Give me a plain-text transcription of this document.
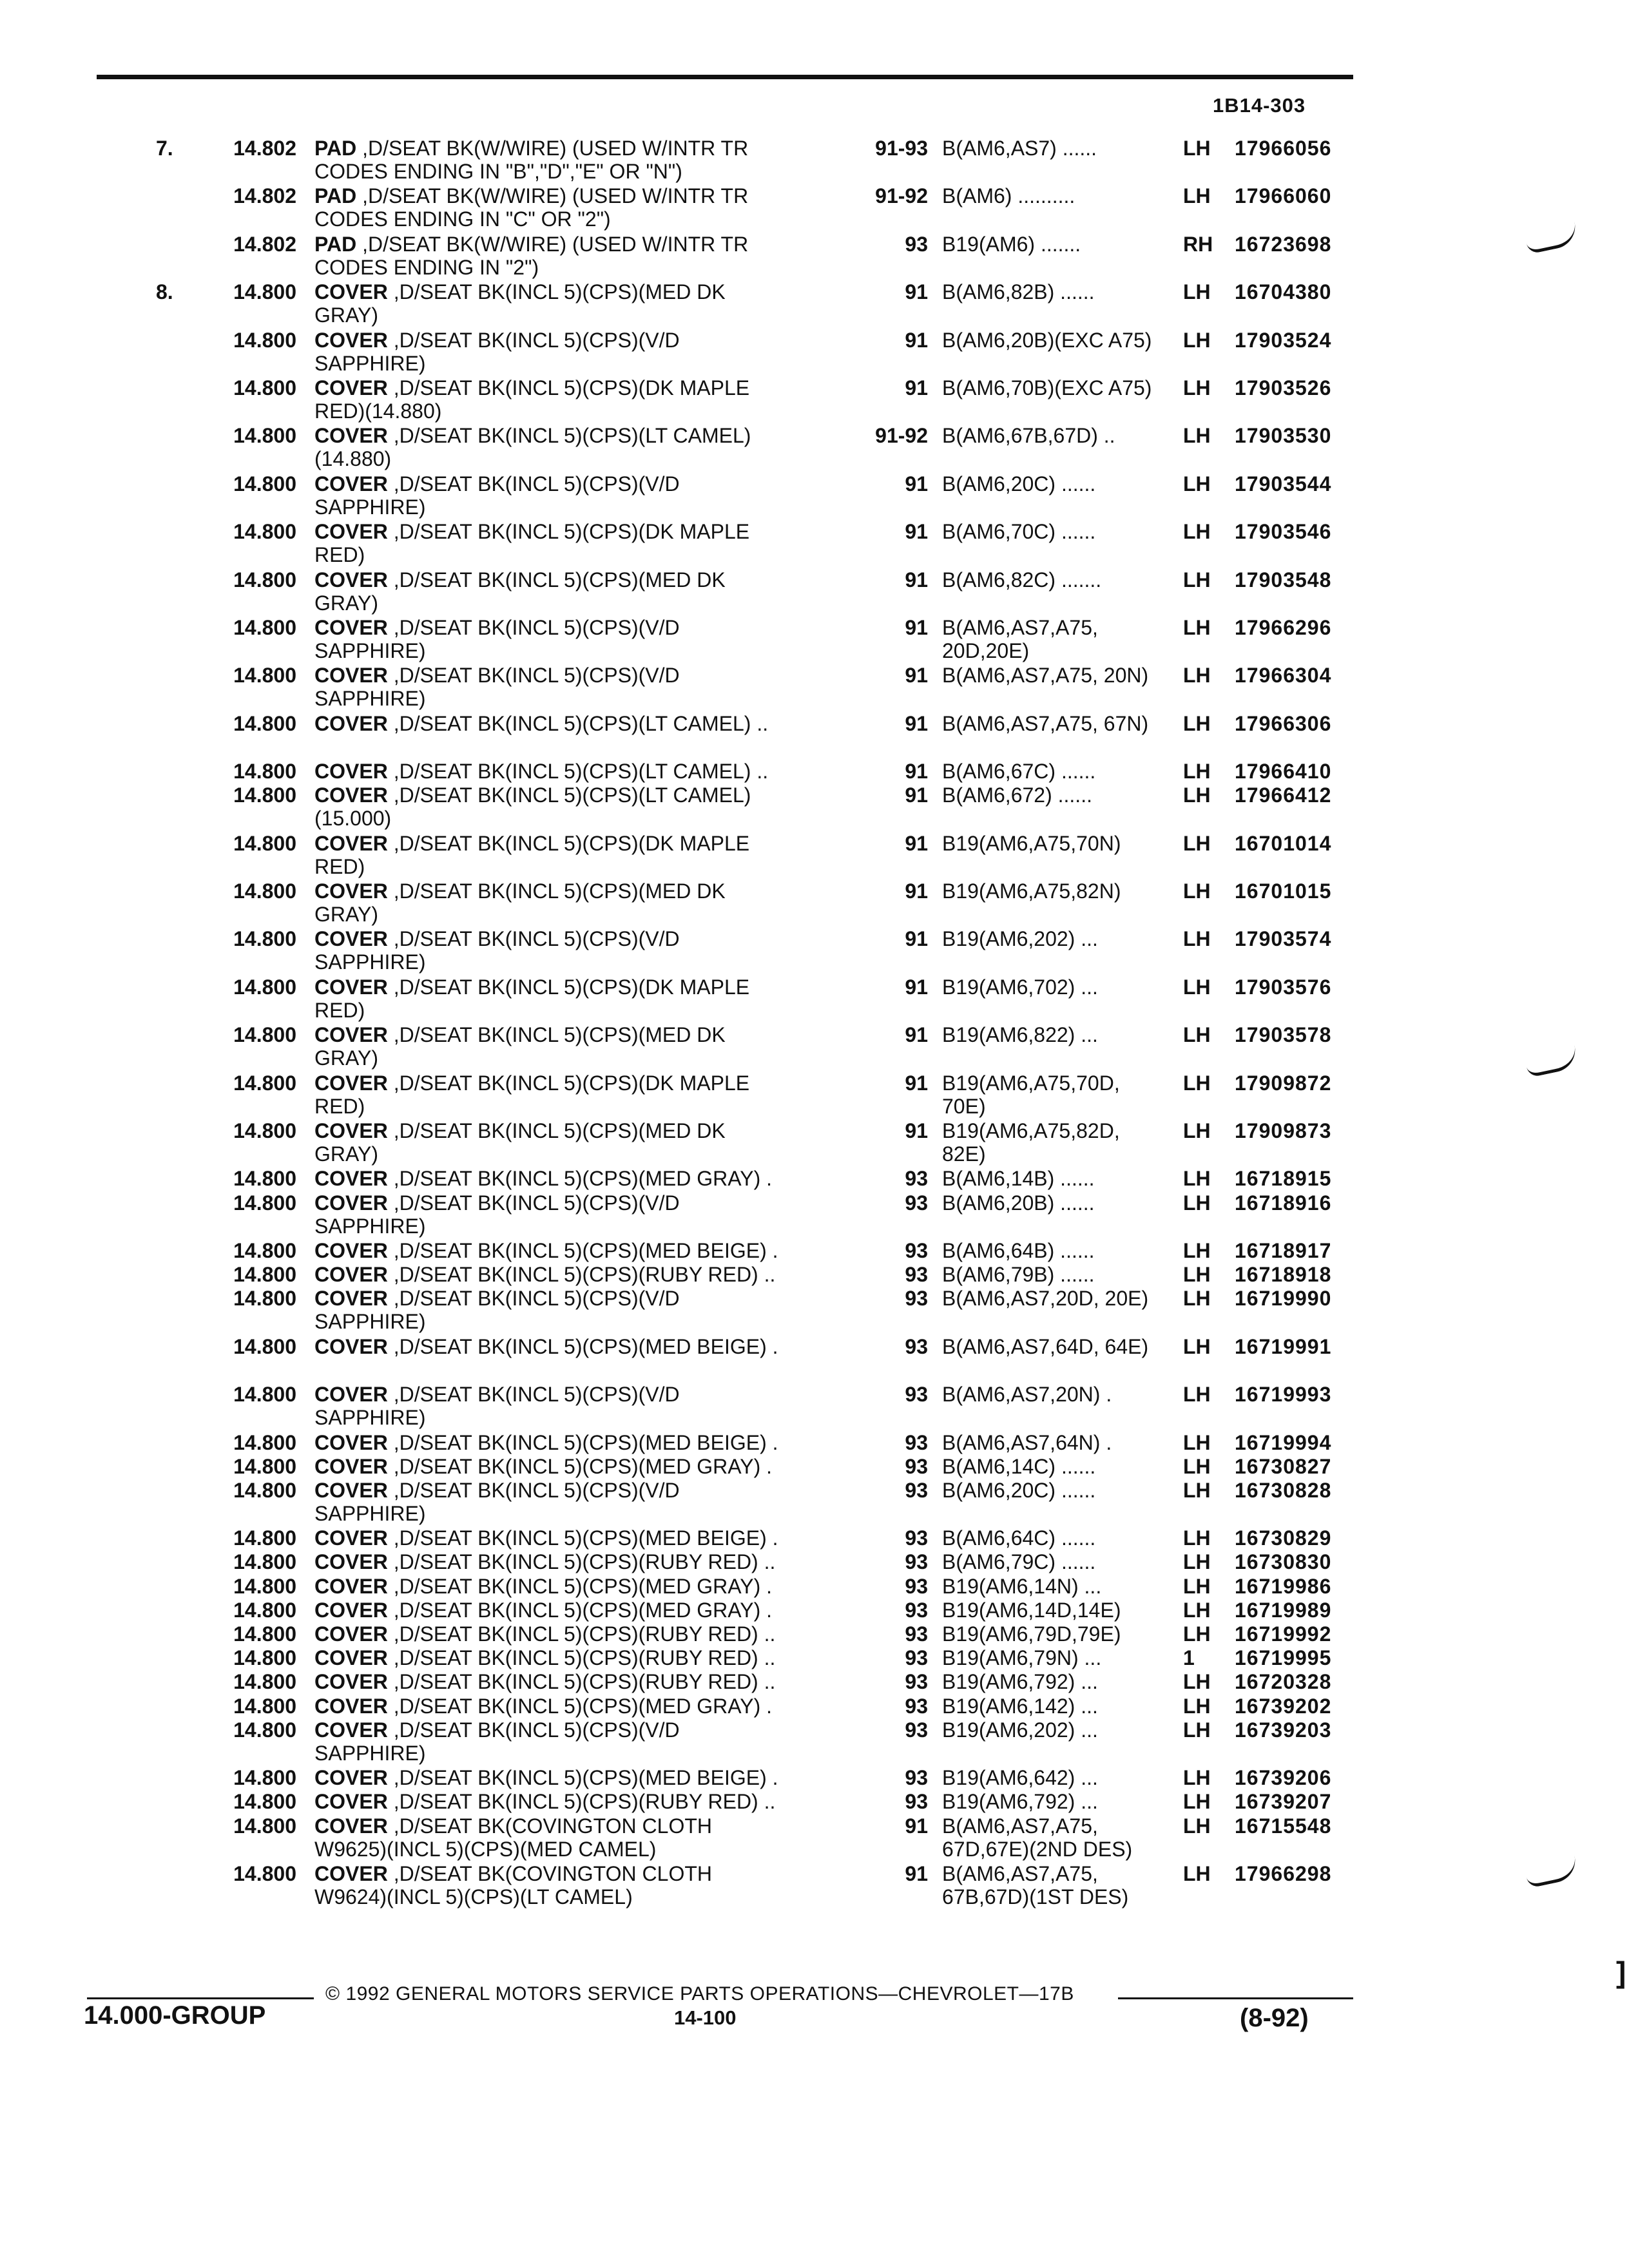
1B14-303
7.	14.802	91-93 B(AM6,AS7) ......	LH 17966056
PAD ,D/SEAT BK(W/WIRE) (USED W/INTR TR
CODES ENDING IN "B","D","E" OR "N")
14.802	91-92 B(AM6) ..........	LH 17966060
PAD ,D/SEAT BK(W/WIRE) (USED W/INTR TR
CODES ENDING IN "C" OR "2")
14.802	93 B19(AM6) .......	RH 16723698
PAD ,D/SEAT BK(W/WIRE) (USED W/INTR TR
CODES ENDING IN "2")
8.	14.800	91 B(AM6,82B) ......	LH 16704380
COVER ,D/SEAT BK(INCL 5)(CPS)(MED DK
GRAY)
14.800	91 B(AM6,20B)(EXC A75)	LH 17903524
COVER ,D/SEAT BK(INCL 5)(CPS)(V/D
SAPPHIRE)
14.800	91 B(AM6,70B)(EXC A75)	LH 17903526
COVER ,D/SEAT BK(INCL 5)(CPS)(DK MAPLE
RED)(14.880)
14.800	91-92 B(AM6,67B,67D) ..	LH 17903530
COVER ,D/SEAT BK(INCL 5)(CPS)(LT CAMEL)
(14.880)
14.800	91 B(AM6,20C) ......	LH 17903544
COVER ,D/SEAT BK(INCL 5)(CPS)(V/D
SAPPHIRE)
14.800	91 B(AM6,70C) ......	LH 17903546
COVER ,D/SEAT BK(INCL 5)(CPS)(DK MAPLE
RED)
14.800	91 B(AM6,82C) .......	LH 17903548
COVER ,D/SEAT BK(INCL 5)(CPS)(MED DK
GRAY)
14.800	91 B(AM6,AS7,A75, 20D,20E)
LH 17966296
COVER ,D/SEAT BK(INCL 5)(CPS)(V/D
SAPPHIRE)
14.800	91 B(AM6,AS7,A75, 20N)	LH 17966304
COVER ,D/SEAT BK(INCL 5)(CPS)(V/D
SAPPHIRE)
14.800	91 B(AM6,AS7,A75, 67N)	LH 17966306
COVER ,D/SEAT BK(INCL 5)(CPS)(LT CAMEL) ..
14.800	91 B(AM6,67C) ......	LH 17966410
COVER ,D/SEAT BK(INCL 5)(CPS)(LT CAMEL) ..
14.800	91 B(AM6,672) ......	LH 17966412
COVER ,D/SEAT BK(INCL 5)(CPS)(LT CAMEL)
(15.000)
14.800	91 B19(AM6,A75,70N)	LH 16701014
COVER ,D/SEAT BK(INCL 5)(CPS)(DK MAPLE
RED)
14.800	91 B19(AM6,A75,82N)	LH 16701015
COVER ,D/SEAT BK(INCL 5)(CPS)(MED DK
GRAY)
14.800	91 B19(AM6,202) ...	LH 17903574
COVER ,D/SEAT BK(INCL 5)(CPS)(V/D
SAPPHIRE)
14.800	91 B19(AM6,702) ...	LH 17903576
COVER ,D/SEAT BK(INCL 5)(CPS)(DK MAPLE
RED)
14.800	91 B19(AM6,822) ...	LH 17903578
COVER ,D/SEAT BK(INCL 5)(CPS)(MED DK
GRAY)
14.800	91 B19(AM6,A75,70D, 70E)
LH 17909872
COVER ,D/SEAT BK(INCL 5)(CPS)(DK MAPLE
RED)
14.800	91 B19(AM6,A75,82D, 82E)
LH 17909873
COVER ,D/SEAT BK(INCL 5)(CPS)(MED DK
GRAY)
14.800	93 B(AM6,14B) ......	LH 16718915
COVER ,D/SEAT BK(INCL 5)(CPS)(MED GRAY) .
14.800	93 B(AM6,20B) ......	LH 16718916
COVER ,D/SEAT BK(INCL 5)(CPS)(V/D
SAPPHIRE)
14.800	93 B(AM6,64B) ......	LH 16718917
COVER ,D/SEAT BK(INCL 5)(CPS)(MED BEIGE) .
14.800	93 B(AM6,79B) ......	LH 16718918
COVER ,D/SEAT BK(INCL 5)(CPS)(RUBY RED) ..
14.800	93 B(AM6,AS7,20D, 20E)	LH 16719990
COVER ,D/SEAT BK(INCL 5)(CPS)(V/D
SAPPHIRE)
14.800	93 B(AM6,AS7,64D, 64E)	LH 16719991
COVER ,D/SEAT BK(INCL 5)(CPS)(MED BEIGE) .
14.800	93 B(AM6,AS7,20N) .	LH 16719993
COVER ,D/SEAT BK(INCL 5)(CPS)(V/D
SAPPHIRE)
14.800	93 B(AM6,AS7,64N) .	LH 16719994
COVER ,D/SEAT BK(INCL 5)(CPS)(MED BEIGE) .
14.800	93 B(AM6,14C) ......	LH 16730827
COVER ,D/SEAT BK(INCL 5)(CPS)(MED GRAY) .
14.800	93 B(AM6,20C) ......	LH 16730828
COVER ,D/SEAT BK(INCL 5)(CPS)(V/D
SAPPHIRE)
14.800	93 B(AM6,64C) ......	LH 16730829
COVER ,D/SEAT BK(INCL 5)(CPS)(MED BEIGE) .
14.800	93 B(AM6,79C) ......	LH 16730830
COVER ,D/SEAT BK(INCL 5)(CPS)(RUBY RED) ..
14.800	93 B19(AM6,14N) ...	LH 16719986
COVER ,D/SEAT BK(INCL 5)(CPS)(MED GRAY) .
14.800	93 B19(AM6,14D,14E)	LH 16719989
COVER ,D/SEAT BK(INCL 5)(CPS)(MED GRAY) .
14.800	93 B19(AM6,79D,79E)	LH 16719992
COVER ,D/SEAT BK(INCL 5)(CPS)(RUBY RED) ..
14.800	93 B19(AM6,79N) ...	1 16719995
COVER ,D/SEAT BK(INCL 5)(CPS)(RUBY RED) ..
14.800	93 B19(AM6,792) ...	LH 16720328
COVER ,D/SEAT BK(INCL 5)(CPS)(RUBY RED) ..
14.800	93 B19(AM6,142) ...	LH 16739202
COVER ,D/SEAT BK(INCL 5)(CPS)(MED GRAY) .
14.800	93 B19(AM6,202) ...	LH 16739203
COVER ,D/SEAT BK(INCL 5)(CPS)(V/D
SAPPHIRE)
14.800	93 B19(AM6,642) ...	LH 16739206
COVER ,D/SEAT BK(INCL 5)(CPS)(MED BEIGE) .
14.800	93 B19(AM6,792) ...	LH 16739207
COVER ,D/SEAT BK(INCL 5)(CPS)(RUBY RED) ..
14.800	91 B(AM6,AS7,A75, 67D,67E)(2ND DES)
LH 16715548
COVER ,D/SEAT BK(COVINGTON CLOTH
W9625)(INCL 5)(CPS)(MED CAMEL)
14.800	91 B(AM6,AS7,A75, 67B,67D)(1ST DES)
LH 17966298
COVER ,D/SEAT BK(COVINGTON CLOTH
W9624)(INCL 5)(CPS)(LT CAMEL)
© 1992 GENERAL MOTORS SERVICE PARTS OPERATIONS—CHEVROLET—17B
14.000-GROUP	14-100	(8-92)
]
